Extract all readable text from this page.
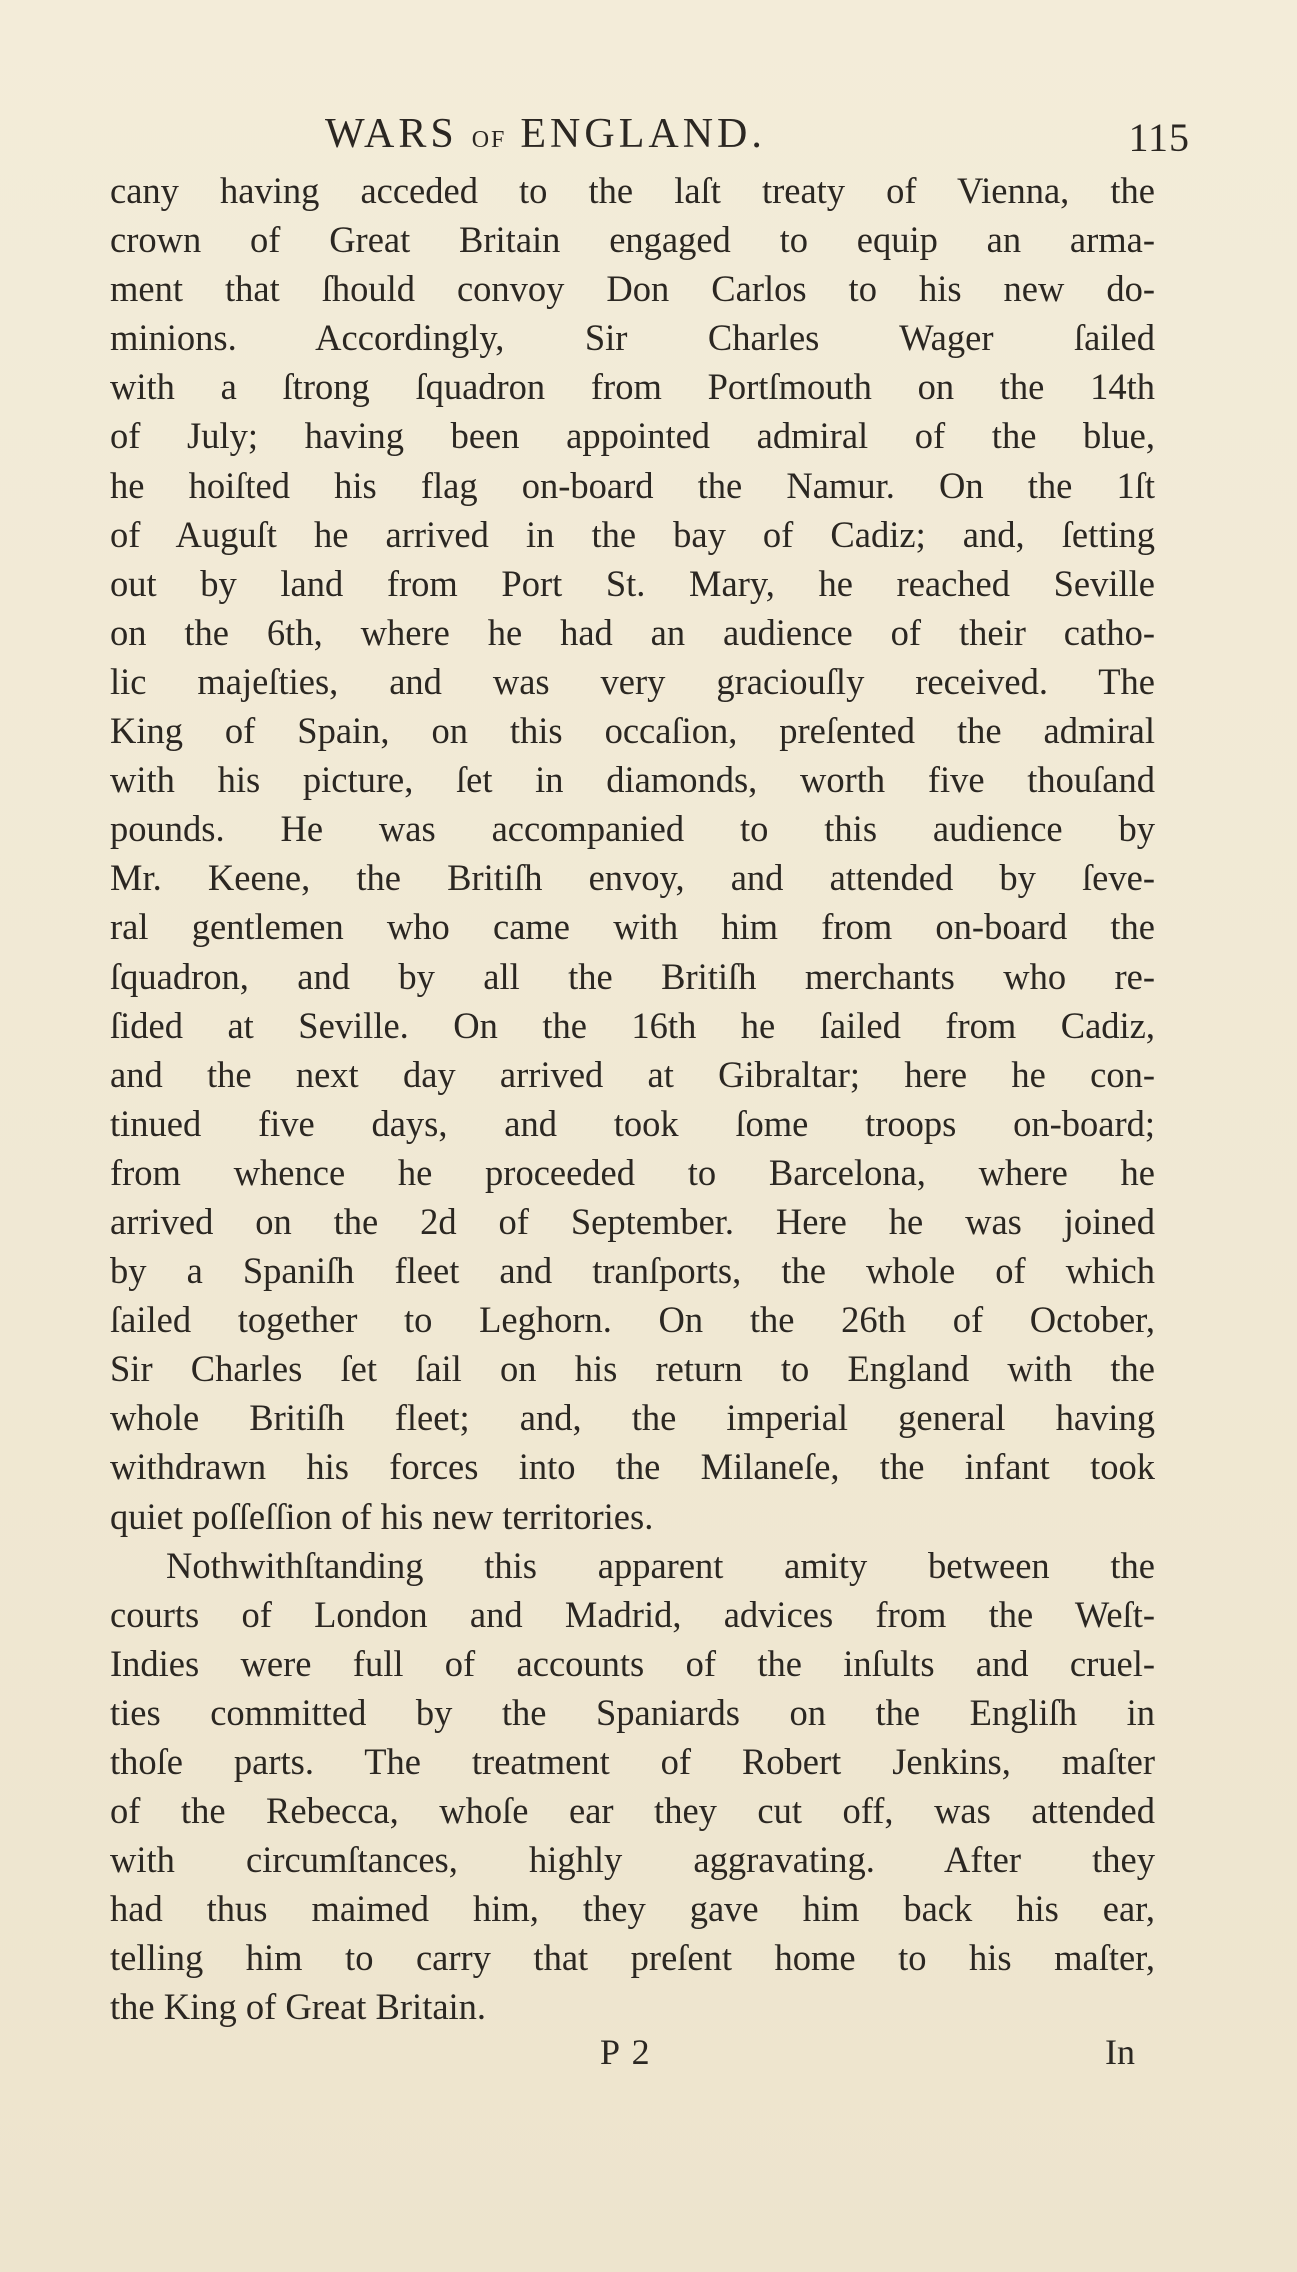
WARS OF ENGLAND.	115
cany having acceded to the laſt treaty of Vienna, the
crown of Great Britain engaged to equip an arma-
ment that ſhould convoy Don Carlos to his new do-
minions. Accordingly, Sir Charles Wager ſailed
with a ſtrong ſquadron from Portſmouth on the 14th
of July; having been appointed admiral of the blue,
he hoiſted his flag on-board the Namur. On the 1ſt
of Auguſt he arrived in the bay of Cadiz; and, ſetting
out by land from Port St. Mary, he reached Seville
on the 6th, where he had an audience of their catho-
lic majeſties, and was very graciouſly received. The
King of Spain, on this occaſion, preſented the admiral
with his picture, ſet in diamonds, worth five thouſand
pounds. He was accompanied to this audience by
Mr. Keene, the Britiſh envoy, and attended by ſeve-
ral gentlemen who came with him from on-board the
ſquadron, and by all the Britiſh merchants who re-
ſided at Seville. On the 16th he ſailed from Cadiz,
and the next day arrived at Gibraltar; here he con-
tinued five days, and took ſome troops on-board;
from whence he proceeded to Barcelona, where he
arrived on the 2d of September. Here he was joined
by a Spaniſh fleet and tranſports, the whole of which
ſailed together to Leghorn. On the 26th of October,
Sir Charles ſet ſail on his return to England with the
whole Britiſh fleet; and, the imperial general having
withdrawn his forces into the Milaneſe, the infant took
quiet poſſeſſion of his new territories.
Nothwithſtanding this apparent amity between the
courts of London and Madrid, advices from the Weſt-
Indies were full of accounts of the inſults and cruel-
ties committed by the Spaniards on the Engliſh in
thoſe parts. The treatment of Robert Jenkins, maſter
of the Rebecca, whoſe ear they cut off, was attended
with circumſtances, highly aggravating. After they
had thus maimed him, they gave him back his ear,
telling him to carry that preſent home to his maſter,
the King of Great Britain.
P 2	In
